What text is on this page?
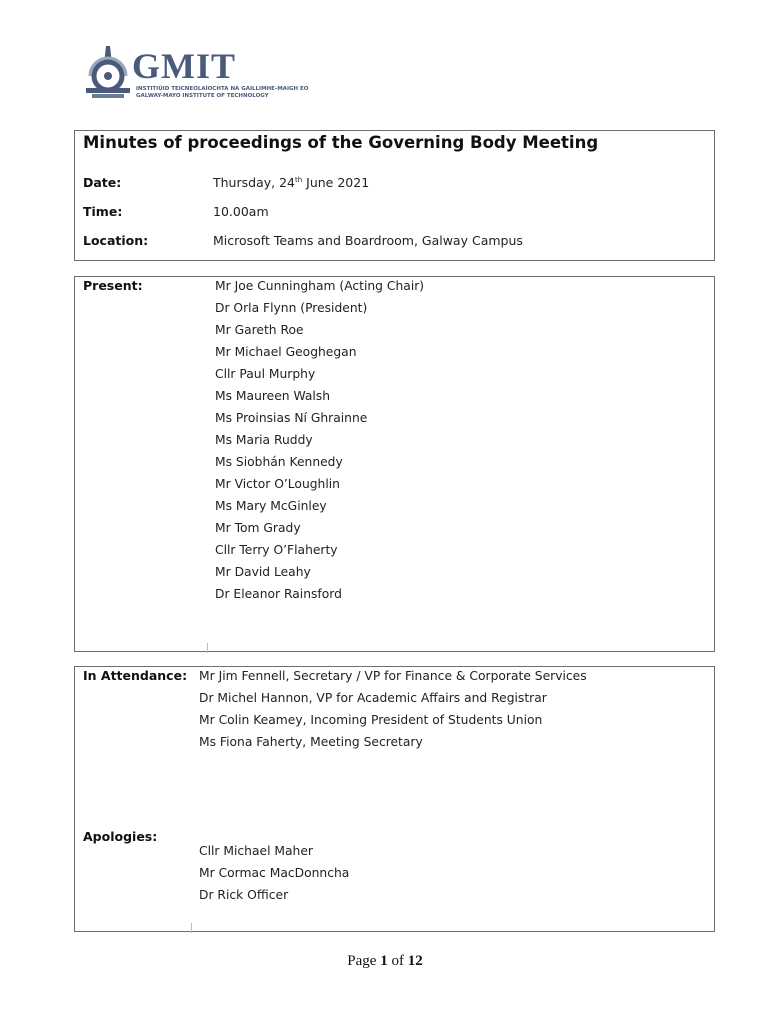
GMIT
INSTITIÚID TEICNEOLAÍOCHTA NA GAILLIMHE-MAIGH EO
GALWAY-MAYO INSTITUTE OF TECHNOLOGY
Minutes of proceedings of the Governing Body Meeting
Date:	Thursday, 24th June 2021
Time:	10.00am
Location:	Microsoft Teams and Boardroom, Galway Campus
Present:	Mr Joe Cunningham (Acting Chair)
Dr Orla Flynn (President)
Mr Gareth Roe
Mr Michael Geoghegan
Cllr Paul Murphy
Ms Maureen Walsh
Ms Proinsias Ní Ghrainne
Ms Maria Ruddy
Ms Siobhán Kennedy
Mr Victor O’Loughlin
Ms Mary McGinley
Mr Tom Grady
Cllr Terry O’Flaherty
Mr David Leahy
Dr Eleanor Rainsford
In Attendance: Mr Jim Fennell, Secretary / VP for Finance & Corporate Services
Dr Michel Hannon, VP for Academic Affairs and Registrar
Mr Colin Keamey, Incoming President of Students Union
Ms Fiona Faherty, Meeting Secretary
Apologies:
Cllr Michael Maher
Mr Cormac MacDonncha
Dr Rick Officer
Page 1 of 12
